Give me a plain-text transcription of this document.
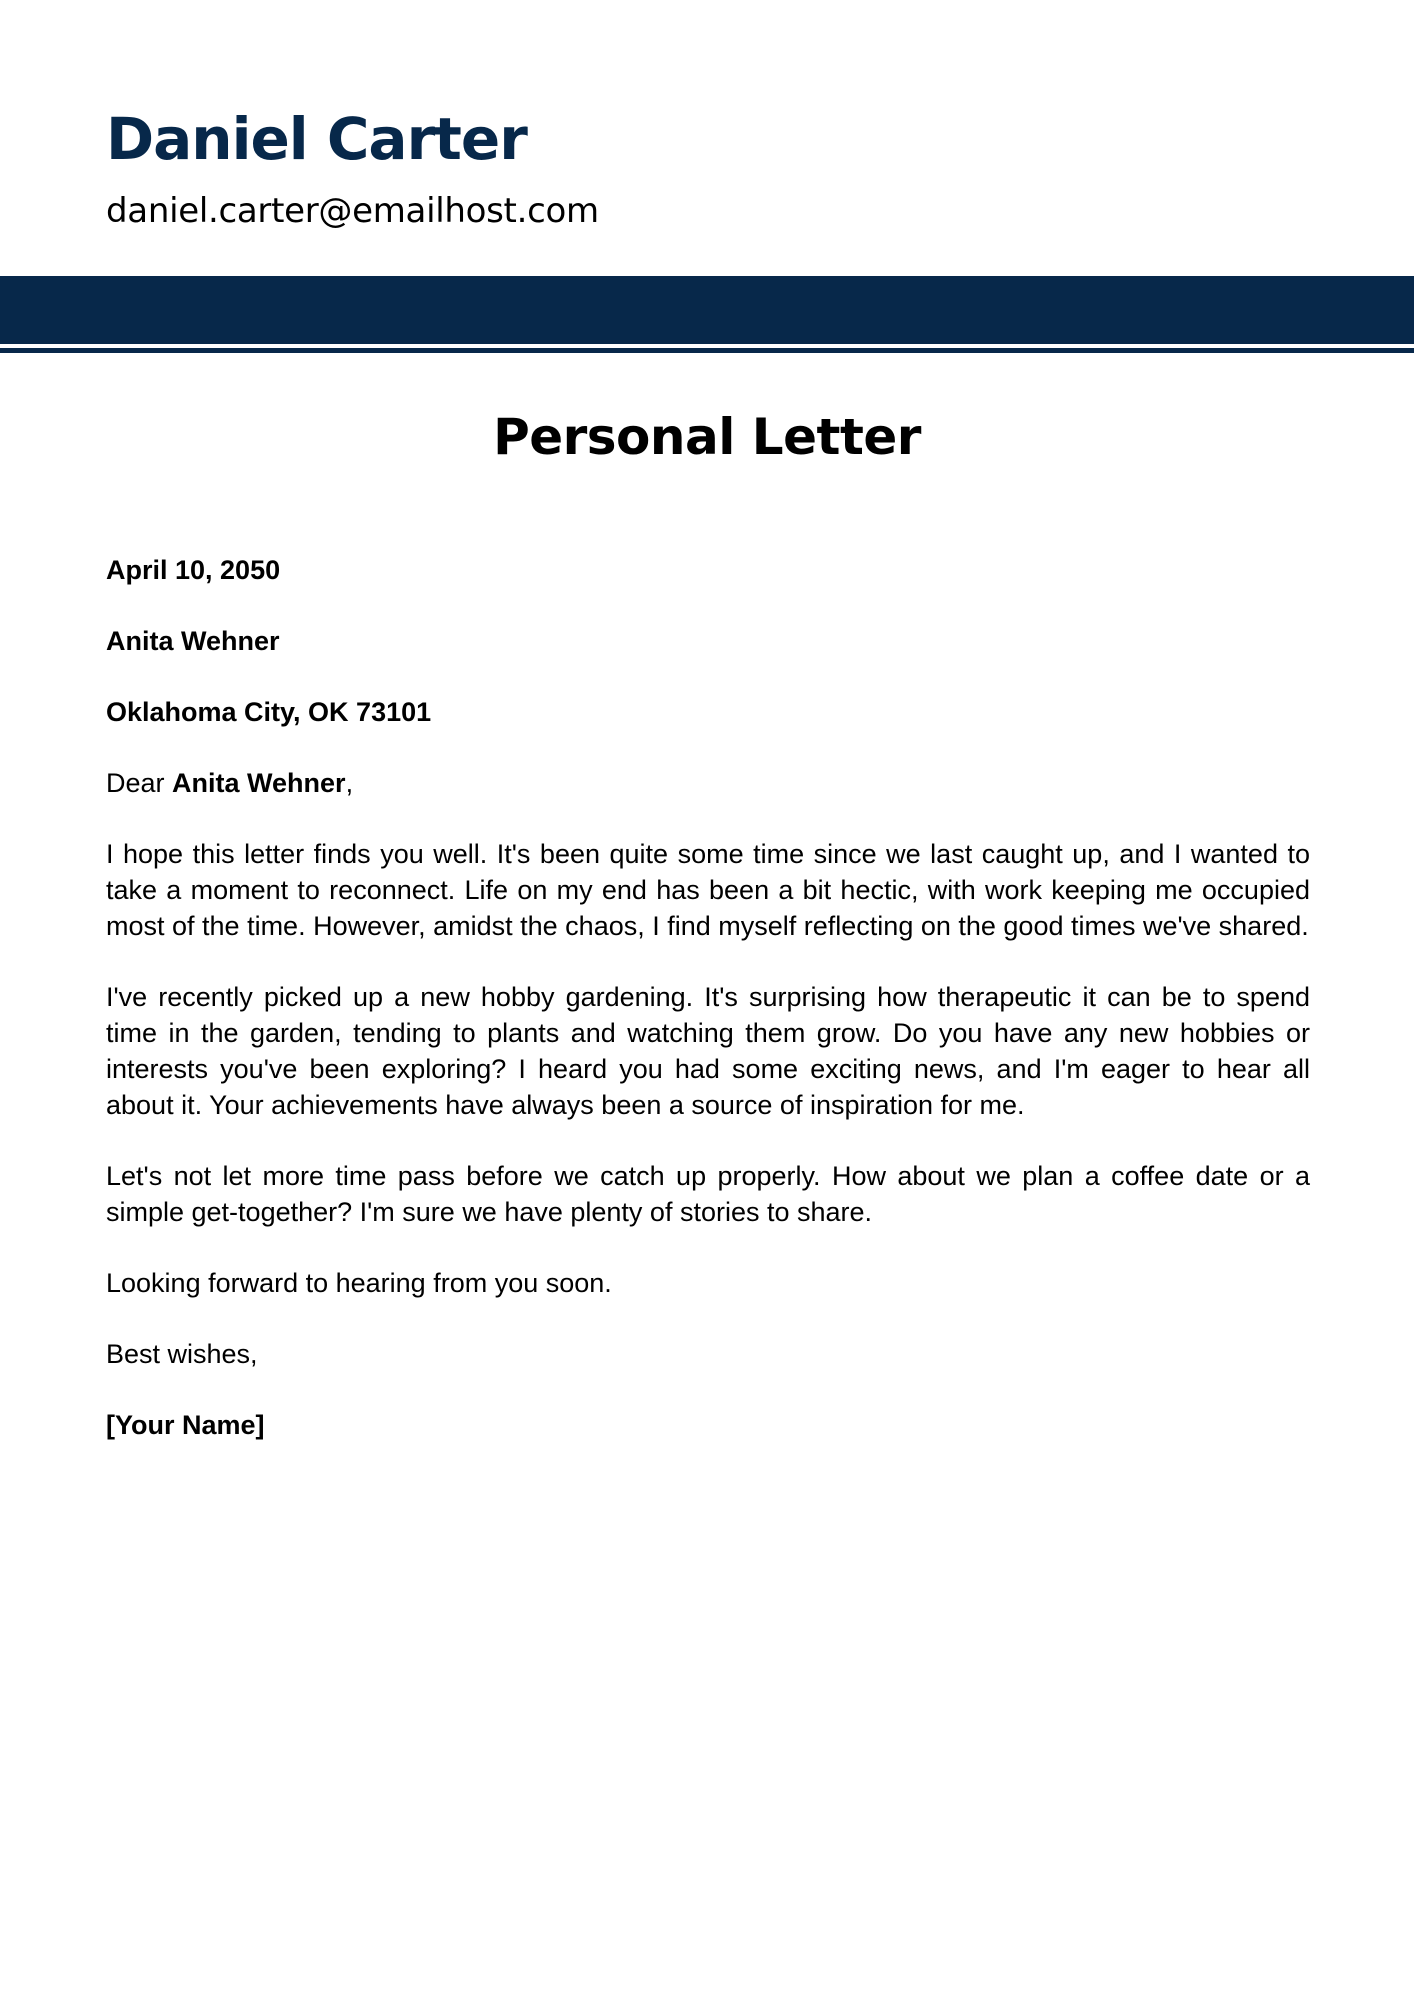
Daniel Carter
daniel.carter@emailhost.com
Personal Letter

April 10, 2050

Anita Wehner

Oklahoma City, OK 73101

Dear Anita Wehner,

I hope this letter finds you well. It's been quite some time since we last caught up, and I wanted to take a moment to reconnect. Life on my end has been a bit hectic, with work keeping me occupied most of the time. However, amidst the chaos, I find myself reflecting on the good times we've shared.

I've recently picked up a new hobby gardening. It's surprising how therapeutic it can be to spend time in the garden, tending to plants and watching them grow. Do you have any new hobbies or interests you've been exploring? I heard you had some exciting news, and I'm eager to hear all about it. Your achievements have always been a source of inspiration for me.

Let's not let more time pass before we catch up properly. How about we plan a coffee date or a simple get-together? I'm sure we have plenty of stories to share.

Looking forward to hearing from you soon.

Best wishes,

[Your Name]
